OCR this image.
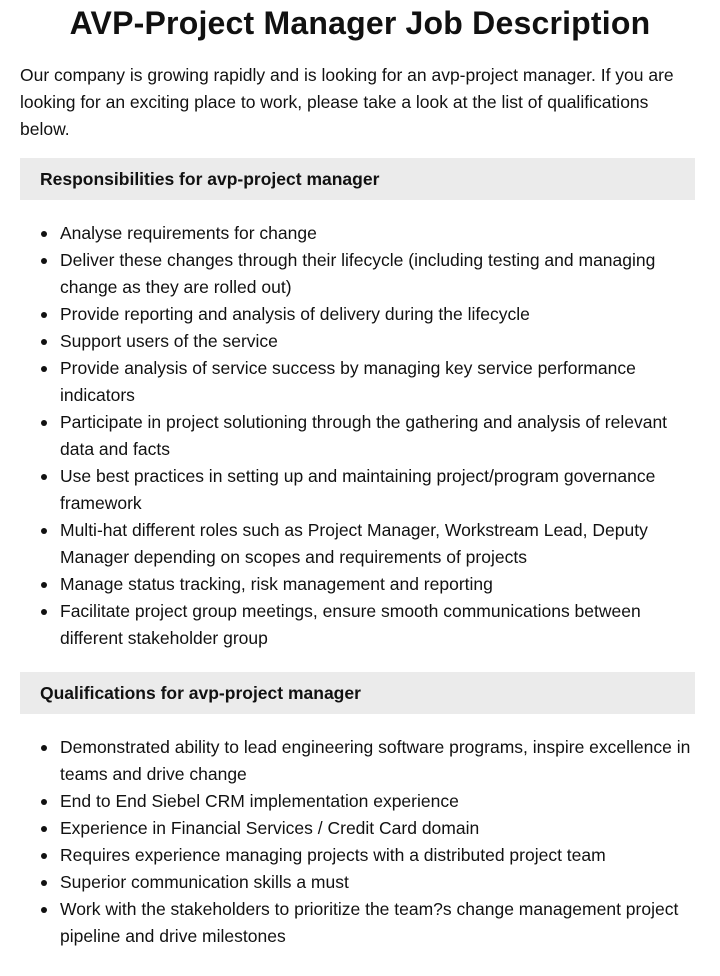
AVP-Project Manager Job Description

Our company is growing rapidly and is looking for an avp-project manager. If you are looking for an exciting place to work, please take a look at the list of qualifications below.

Responsibilities for avp-project manager
Analyse requirements for change
Deliver these changes through their lifecycle (including testing and managing change as they are rolled out)
Provide reporting and analysis of delivery during the lifecycle
Support users of the service
Provide analysis of service success by managing key service performance indicators
Participate in project solutioning through the gathering and analysis of relevant data and facts
Use best practices in setting up and maintaining project/program governance framework
Multi-hat different roles such as Project Manager, Workstream Lead, Deputy Manager depending on scopes and requirements of projects
Manage status tracking, risk management and reporting
Facilitate project group meetings, ensure smooth communications between different stakeholder group
Qualifications for avp-project manager
Demonstrated ability to lead engineering software programs, inspire excellence in teams and drive change
End to End Siebel CRM implementation experience
Experience in Financial Services / Credit Card domain
Requires experience managing projects with a distributed project team
Superior communication skills a must
Work with the stakeholders to prioritize the team?s change management project pipeline and drive milestones
